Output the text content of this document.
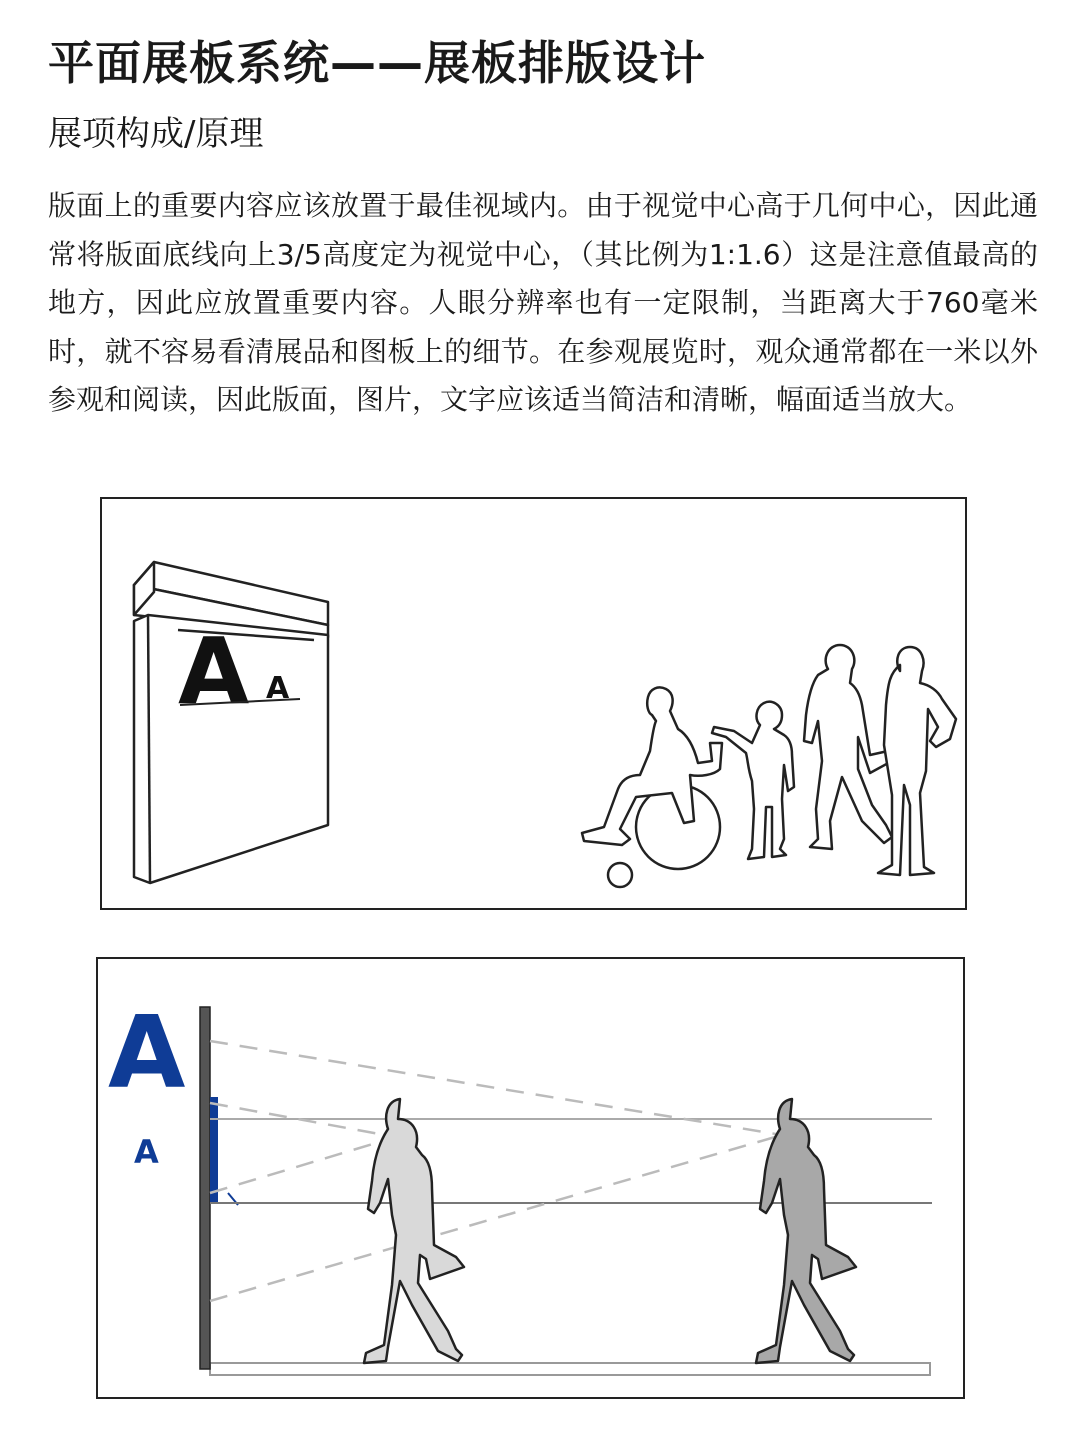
平面展板系统——展板排版设计
展项构成/原理
版面上的重要内容应该放置于最佳视域内。由于视觉中心高于几何中心，因此通常将版面底线向上3/5高度定为视觉中心，（其比例为1:1.6）这是注意值最高的地方，因此应放置重要内容。人眼分辨率也有一定限制，当距离大于760毫米时，就不容易看清展品和图板上的细节。在参观展览时，观众通常都在一米以外参观和阅读，因此版面，图片，文字应该适当简洁和清晰，幅面适当放大。
A A
A
A
